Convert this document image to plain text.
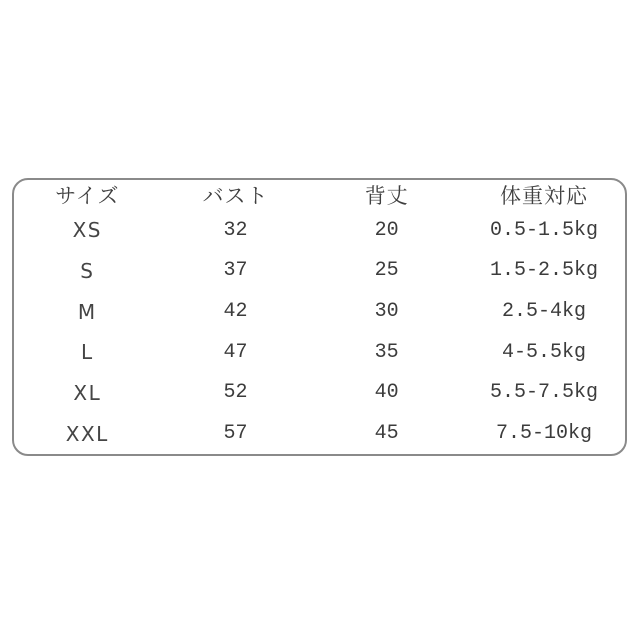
サイズ	バスト	背丈	体重対応
XS	32	20	0.5-1.5kg
S	37	25	1.5-2.5kg
M	42	30	2.5-4kg
L	47	35	4-5.5kg
XL	52	40	5.5-7.5kg
XXL	57	45	7.5-10kg
